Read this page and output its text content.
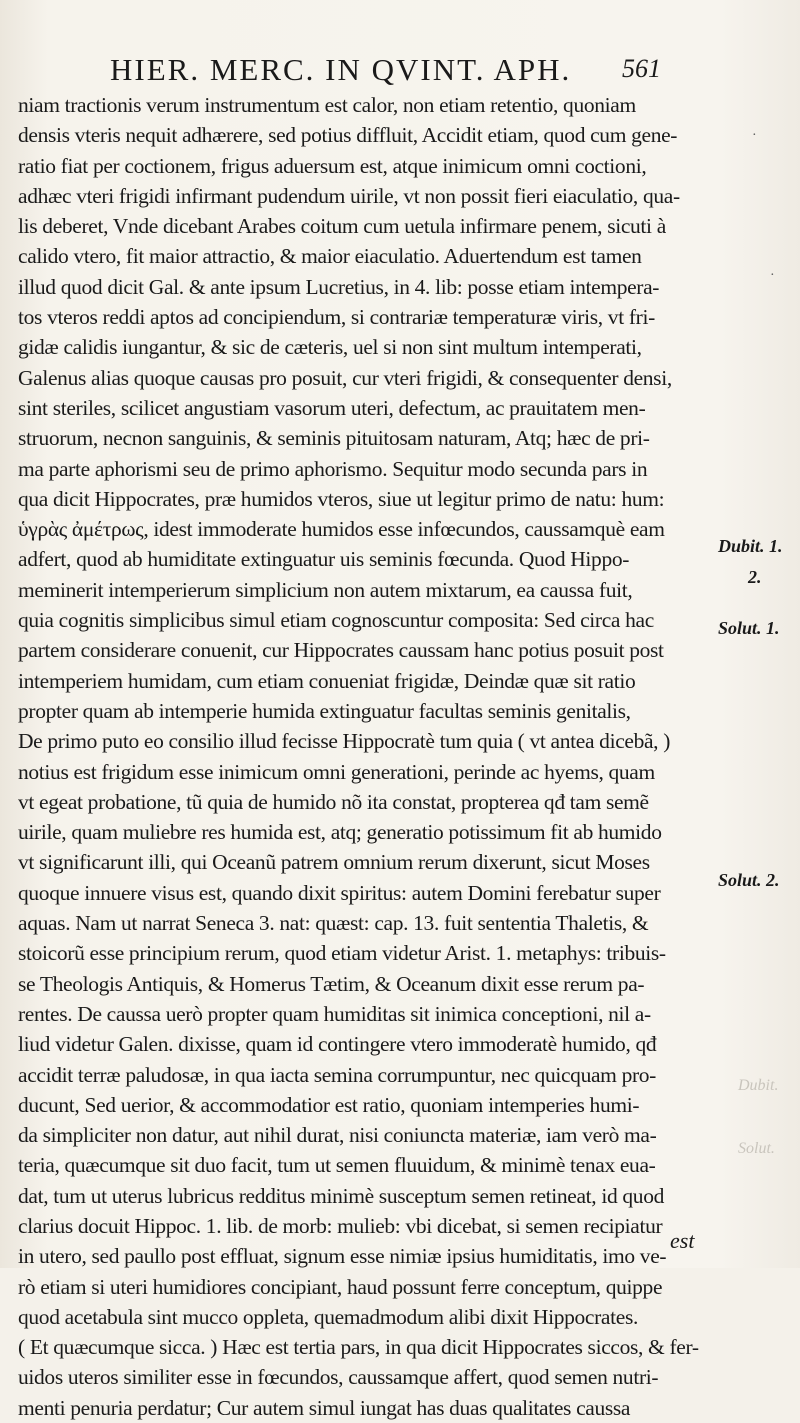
HIER. MERC. IN QVINT. APH. 561
niam tractionis verum instrumentum est calor, non etiam retentio, quoniam
densis vteris nequit adhærere, sed potius diffluit, Accidit etiam, quod cum gene-
ratio fiat per coctionem, frigus aduersum est, atque inimicum omni coctioni,
adhæc vteri frigidi infirmant pudendum uirile, vt non possit fieri eiaculatio, qua-
lis deberet, Vnde dicebant Arabes coitum cum uetula infirmare penem, sicuti à
calido vtero, fit maior attractio, & maior eiaculatio. Aduertendum est tamen
illud quod dicit Gal. & ante ipsum Lucretius, in 4. lib: posse etiam intempera-
tos vteros reddi aptos ad concipiendum, si contrariæ temperaturæ viris, vt fri-
gidæ calidis iungantur, & sic de cæteris, uel si non sint multum intemperati,
Galenus alias quoque causas pro posuit, cur vteri frigidi, & consequenter densi,
sint steriles, scilicet angustiam vasorum uteri, defectum, ac prauitatem men-
struorum, necnon sanguinis, & seminis pituitosam naturam, Atq; hæc de pri-
ma parte aphorismi seu de primo aphorismo. Sequitur modo secunda pars in
qua dicit Hippocrates, præ humidos vteros, siue ut legitur primo de natu: hum:
ὑγρὰς ἀμέτρως, idest immoderate humidos esse infœcundos, caussamquè eam
adfert, quod ab humiditate extinguatur uis seminis fœcunda. Quod Hippo-
meminerit intemperierum simplicium non autem mixtarum, ea caussa fuit,
quia cognitis simplicibus simul etiam cognoscuntur composita: Sed circa hac
partem considerare conuenit, cur Hippocrates caussam hanc potius posuit post
intemperiem humidam, cum etiam conueniat frigidæ, Deindæ quæ sit ratio
propter quam ab intemperie humida extinguatur facultas seminis genitalis,
De primo puto eo consilio illud fecisse Hippocratè tum quia ( vt antea dicebã, )
notius est frigidum esse inimicum omni generationi, perinde ac hyems, quam
vt egeat probatione, tũ quia de humido nõ ita constat, propterea qđ tam semẽ
uirile, quam muliebre res humida est, atq; generatio potissimum fit ab humido
vt significarunt illi, qui Oceanũ patrem omnium rerum dixerunt, sicut Moses
quoque innuere visus est, quando dixit spiritus: autem Domini ferebatur super
aquas. Nam ut narrat Seneca 3. nat: quæst: cap. 13. fuit sententia Thaletis, &
stoicorũ esse principium rerum, quod etiam videtur Arist. 1. metaphys: tribuis-
se Theologis Antiquis, & Homerus Tætim, & Oceanum dixit esse rerum pa-
rentes. De caussa uerò propter quam humiditas sit inimica conceptioni, nil a-
liud videtur Galen. dixisse, quam id contingere vtero immoderatè humido, qđ
accidit terræ paludosæ, in qua iacta semina corrumpuntur, nec quicquam pro-
ducunt, Sed uerior, & accommodatior est ratio, quoniam intemperies humi-
da simpliciter non datur, aut nihil durat, nisi coniuncta materiæ, iam verò ma-
teria, quæcumque sit duo facit, tum ut semen fluuidum, & minimè tenax eua-
dat, tum ut uterus lubricus redditus minimè susceptum semen retineat, id quod
clarius docuit Hippoc. 1. lib. de morb: mulieb: vbi dicebat, si semen recipiatur
in utero, sed paullo post effluat, signum esse nimiæ ipsius humiditatis, imo ve-
rò etiam si uteri humidiores concipiant, haud possunt ferre conceptum, quippe
quod acetabula sint mucco oppleta, quemadmodum alibi dixit Hippocrates.
( Et quæcumque sicca. ) Hæc est tertia pars, in qua dicit Hippocrates siccos, & fer-
uidos uteros similiter esse in fœcundos, caussamque affert, quod semen nutri-
menti penuria perdatur; Cur autem simul iungat has duas qualitates caussa
Dubit. 1.
2.
Solut. 1.
Solut. 2.
Dubit.
Solut.
·
·
est
